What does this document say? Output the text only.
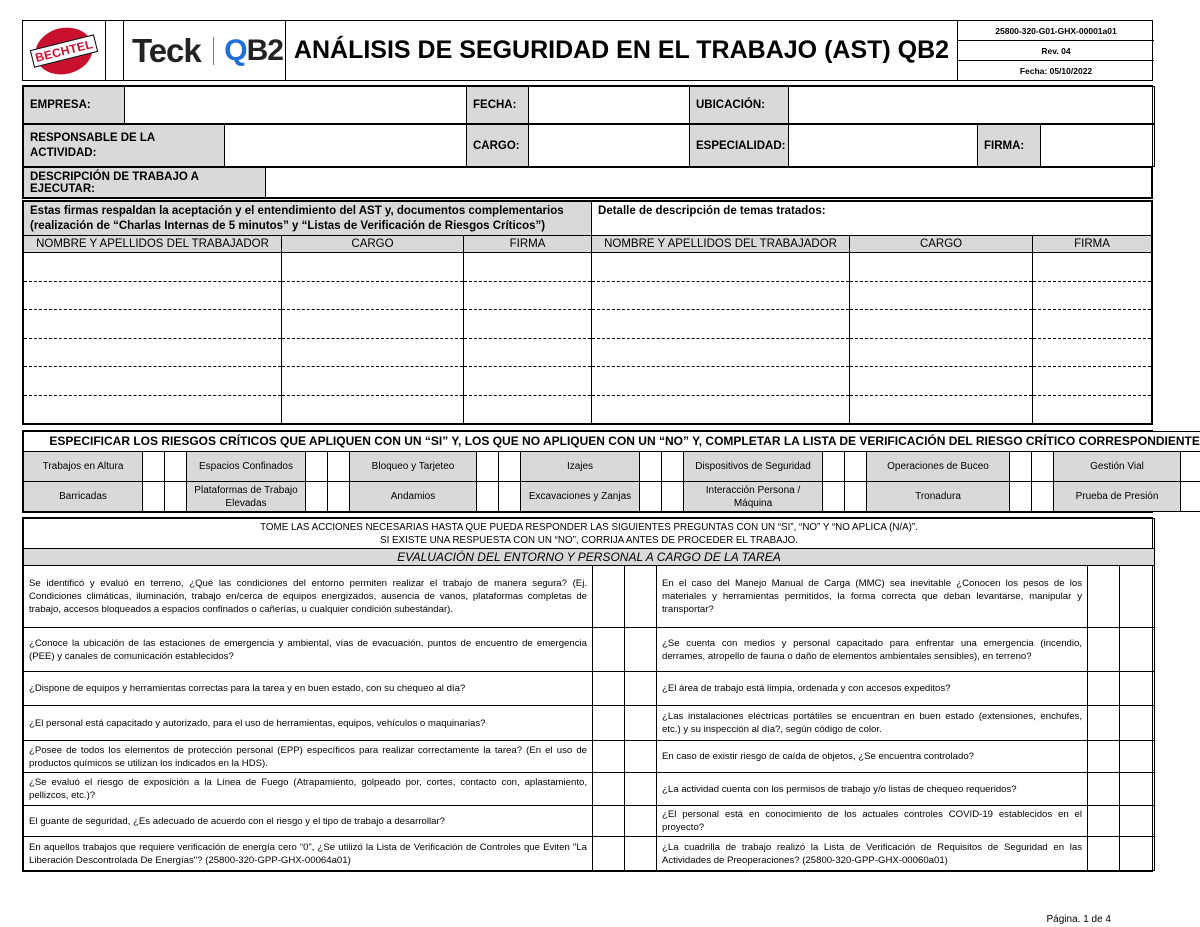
BECHTEL Teck QB2 ANÁLISIS DE SEGURIDAD EN EL TRABAJO (AST) QB2
25800-320-G01-GHX-00001a01
Rev. 04
Fecha: 05/10/2022
EMPRESA:		FECHA:		UBICACIÓN:	
RESPONSABLE DE LA ACTIVIDAD:		CARGO:		ESPECIALIDAD:		FIRMA:	
DESCRIPCIÓN DE TRABAJO A EJECUTAR:	
Estas firmas respaldan la aceptación y el entendimiento del AST y, documentos complementarios (realización de “Charlas Internas de 5 minutos” y “Listas de Verificación de Riesgos Críticos”)			Detalle de descripción de temas tratados:		
NOMBRE Y APELLIDOS DEL TRABAJADOR	CARGO	FIRMA	NOMBRE Y APELLIDOS DEL TRABAJADOR	CARGO	FIRMA

ESPECIFICAR LOS RIESGOS CRÍTICOS QUE APLIQUEN CON UN “SI” Y, LOS QUE NO APLIQUEN CON UN “NO” Y, COMPLETAR LA LISTA DE VERIFICACIÓN DEL RIESGO CRÍTICO CORRESPONDIENTE																				
Trabajos en Altura			Espacios Confinados			Bloqueo y Tarjeteo			Izajes			Dispositivos de Seguridad			Operaciones de Buceo			Gestión Vial		
Barricadas			Plataformas de Trabajo Elevadas			Andamios			Excavaciones y Zanjas			Interacción Persona / Máquina			Tronadura			Prueba de Presión		
TOME LAS ACCIONES NECESARIAS HASTA QUE PUEDA RESPONDER LAS SIGUIENTES PREGUNTAS CON UN “SI”, “NO” Y “NO APLICA (N/A)”.					
SI EXISTE UNA RESPUESTA CON UN “NO”, CORRIJA ANTES DE PROCEDER EL TRABAJO.					
EVALUACIÓN DEL ENTORNO Y PERSONAL A CARGO DE LA TAREA					
Se identificó y evaluó en terreno, ¿Qué las condiciones del entorno permiten realizar el trabajo de manera segura? (Ej. Condiciones climáticas, iluminación, trabajo en/cerca de equipos energizados, ausencia de vanos, plataformas completas de trabajo, accesos bloqueados a espacios confinados o cañerías, u cualquier condición subestándar).			En el caso del Manejo Manual de Carga (MMC) sea inevitable ¿Conocen los pesos de los materiales y herramientas permitidos, la forma correcta que deban levantarse, manipular y transportar?		
¿Conoce la ubicación de las estaciones de emergencia y ambiental, vías de evacuación, puntos de encuentro de emergencia (PEE) y canales de comunicación establecidos?			¿Se cuenta con medios y personal capacitado para enfrentar una emergencia (incendio, derrames, atropello de fauna o daño de elementos ambientales sensibles), en terreno?		
¿Dispone de equipos y herramientas correctas para la tarea y en buen estado, con su chequeo al día?			¿El área de trabajo está limpia, ordenada y con accesos expeditos?		
¿El personal está capacitado y autorizado, para el uso de herramientas, equipos, vehículos o maquinarias?			¿Las instalaciones eléctricas portátiles se encuentran en buen estado (extensiones, enchufes, etc.) y su inspección al día?, según código de color.		
¿Posee de todos los elementos de protección personal (EPP) específicos para realizar correctamente la tarea? (En el uso de productos químicos se utilizan los indicados en la HDS).			En caso de existir riesgo de caída de objetos, ¿Se encuentra controlado?		
¿Se evaluó el riesgo de exposición a la Línea de Fuego (Atrapamiento, golpeado por, cortes, contacto con, aplastamiento, pellizcos, etc.)?			¿La actividad cuenta con los permisos de trabajo y/o listas de chequeo requeridos?		
El guante de seguridad, ¿Es adecuado de acuerdo con el riesgo y el tipo de trabajo a desarrollar?			¿El personal está en conocimiento de los actuales controles COVID-19 establecidos en el proyecto?		
En aquellos trabajos que requiere verificación de energía cero “0”, ¿Se utilizó la Lista de Verificación de Controles que Eviten "La Liberación Descontrolada De Energías"? (25800-320-GPP-GHX-00064a01)			¿La cuadrilla de trabajo realizó la Lista de Verificación de Requisitos de Seguridad en las Actividades de Preoperaciones? (25800-320-GPP-GHX-00060a01)		
Página. 1 de 4
